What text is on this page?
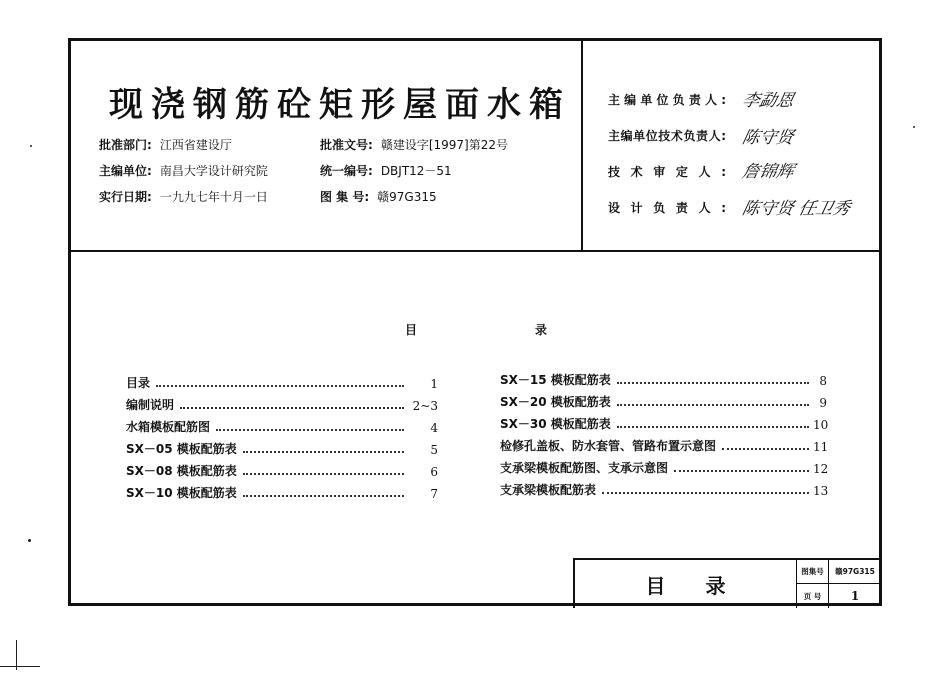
现浇钢筋砼矩形屋面水箱
批准部门: 江西省建设厅
主编单位: 南昌大学设计研究院
实行日期: 一九九七年十月一日
批准文号: 赣建设字[1997]第22号
统一编号: DBJT12－51
图 集 号: 赣97G315
主编单位负责人: 李勐恩
主编单位技术负责人: 陈守贤
技术审定人: 詹锦辉
设计负责人: 陈守贤 任卫秀
目	录
目录	1
编制说明	2~3
水箱模板配筋图	4
SX－05 模板配筋表	5
SX－08 模板配筋表	6
SX－10 模板配筋表	7
SX－15 模板配筋表	8
SX－20 模板配筋表	9
SX－30 模板配筋表	10
检修孔盖板、防水套管、管路布置示意图	11
支承梁模板配筋图、支承示意图	12
支承梁模板配筋表	13
目录
图集号	赣97G315
页 号	1
